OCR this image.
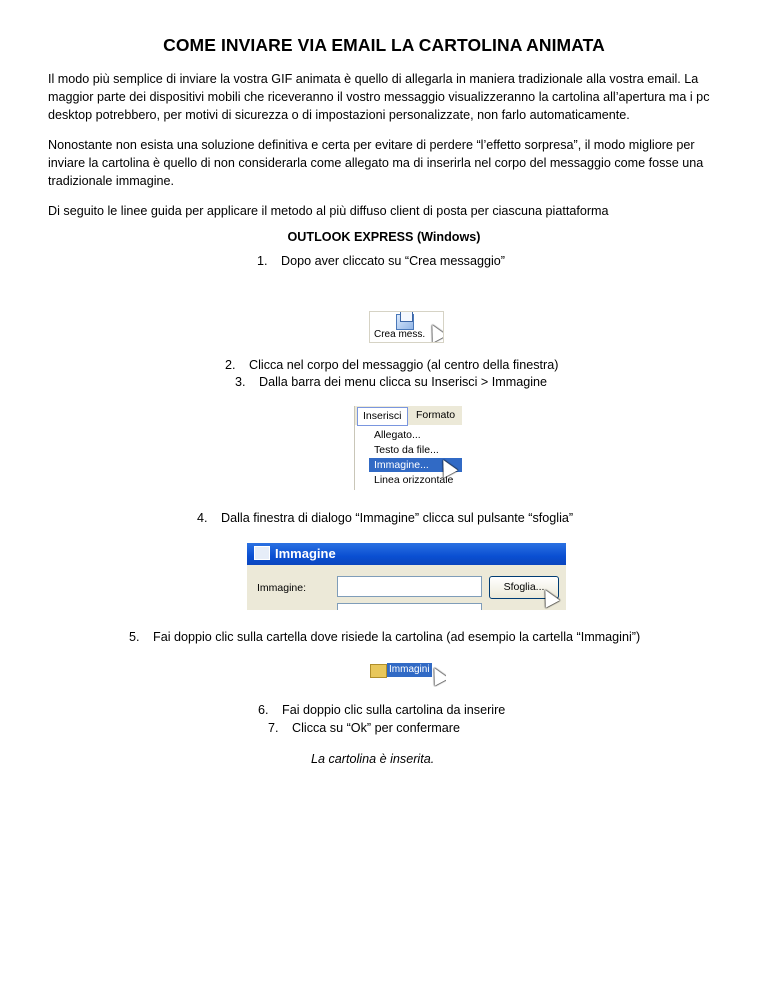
COME INVIARE VIA EMAIL LA CARTOLINA ANIMATA

Il modo più semplice di inviare la vostra GIF animata è quello di allegarla in maniera tradizionale alla vostra email. La maggior parte dei dispositivi mobili che riceveranno il vostro messaggio visualizzeranno la cartolina all’apertura ma i pc desktop potrebbero, per motivi di sicurezza o di impostazioni personalizzate, non farlo automaticamente.

Nonostante non esista una soluzione definitiva e certa per evitare di perdere “l’effetto sorpresa”, il modo migliore per inviare la cartolina è quello di non considerarla come allegato ma di inserirla nel corpo del messaggio come fosse una tradizionale immagine.

Di seguito le linee guida per applicare il metodo al più diffuso client di posta per ciascuna piattaforma

OUTLOOK EXPRESS (Windows)
1. Dopo aver cliccato su “Crea messaggio”
Crea mess.
2. Clicca nel corpo del messaggio (al centro della finestra)
3. Dalla barra dei menu clicca su Inserisci > Immagine
Inserisci	Formato
Allegato...
Testo da file...
Immagine...
Linea orizzontale
4. Dalla finestra di dialogo “Immagine” clicca sul pulsante “sfoglia”
Immagine
Immagine:	Sfoglia...
5. Fai doppio clic sulla cartella dove risiede la cartolina (ad esempio la cartella “Immagini”)
Immagini
6. Fai doppio clic sulla cartolina da inserire
7. Clicca su “Ok” per confermare
La cartolina è inserita.
